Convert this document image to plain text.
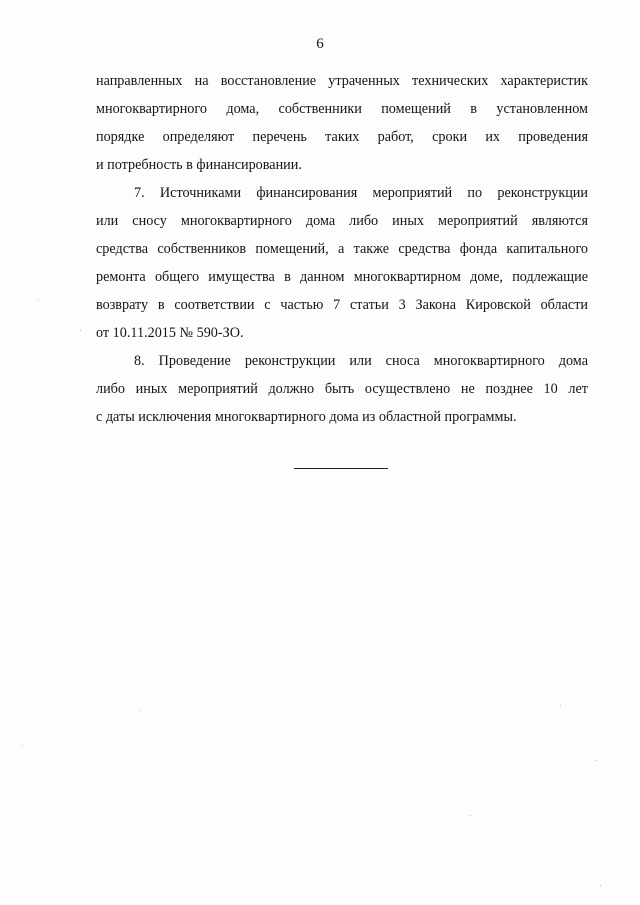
6
направленных на восстановление утраченных технических характеристик
многоквартирного дома, собственники помещений в установленном
порядке определяют перечень таких работ, сроки их проведения
и потребность в финансировании.
7. Источниками финансирования мероприятий по реконструкции
или сносу многоквартирного дома либо иных мероприятий являются
средства собственников помещений, а также средства фонда капитального
ремонта общего имущества в данном многоквартирном доме, подлежащие
возврату в соответствии с частью 7 статьи 3 Закона Кировской области
от 10.11.2015 № 590-ЗО.
8. Проведение реконструкции или сноса многоквартирного дома
либо иных мероприятий должно быть осуществлено не позднее 10 лет
с даты исключения многоквартирного дома из областной программы.
